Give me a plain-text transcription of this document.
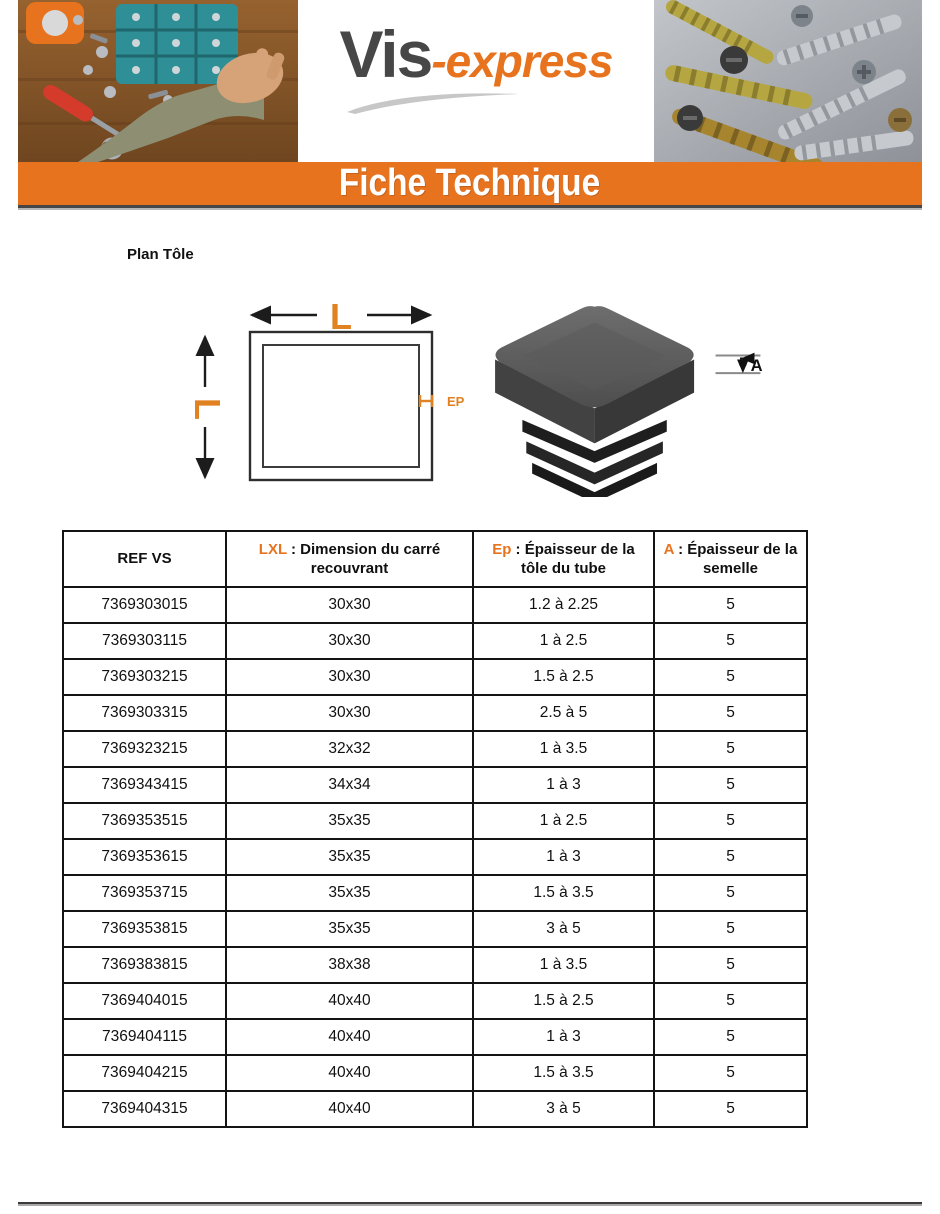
Vis-express
Fiche Technique
Plan Tôle
L
L	EP
A
REF VS	LXL : Dimension du carré recouvrant	Ep : Épaisseur de la tôle du tube	A : Épaisseur de la semelle
7369303015	30x30	1.2 à 2.25	5
7369303115	30x30	1 à 2.5	5
7369303215	30x30	1.5 à 2.5	5
7369303315	30x30	2.5 à 5	5
7369323215	32x32	1 à 3.5	5
7369343415	34x34	1 à 3	5
7369353515	35x35	1 à 2.5	5
7369353615	35x35	1 à 3	5
7369353715	35x35	1.5 à 3.5	5
7369353815	35x35	3 à 5	5
7369383815	38x38	1 à 3.5	5
7369404015	40x40	1.5 à 2.5	5
7369404115	40x40	1 à 3	5
7369404215	40x40	1.5 à 3.5	5
7369404315	40x40	3 à 5	5
